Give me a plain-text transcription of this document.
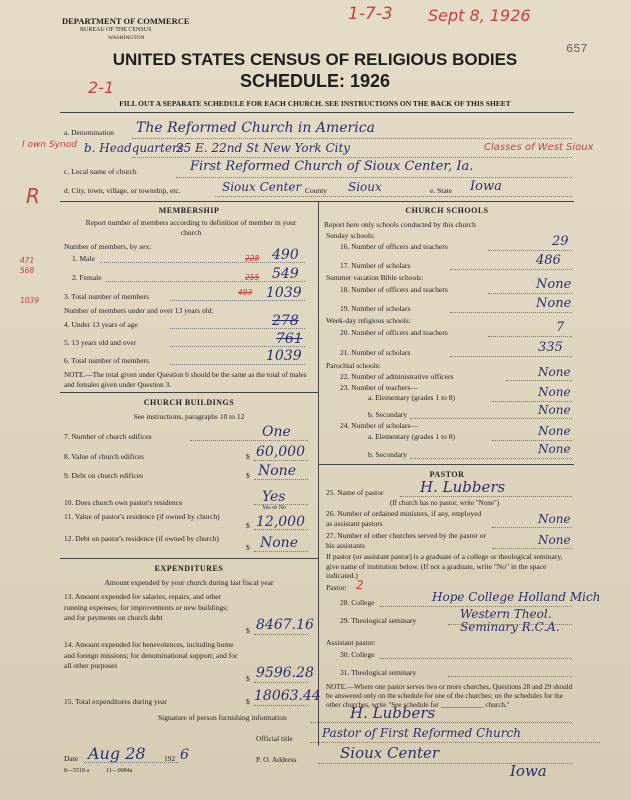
DEPARTMENT OF COMMERCE
BUREAU OF THE CENSUS
WASHINGTON
1-7-3 Sept 8, 1926
657
UNITED STATES CENSUS OF RELIGIOUS BODIES
SCHEDULE: 1926
2-1
FILL OUT A SEPARATE SCHEDULE FOR EACH CHURCH. SEE INSTRUCTIONS ON THE BACK OF THIS SHEET
a. Denomination The Reformed Church in America
I own Synod b. Headquarters
25 E. 22nd St New York City	Classes of West Sioux
c. Local name of church	First Reformed Church of Sioux Center, Ia.
R	d. City, town, village, or township, etc.	Sioux Center County Sioux	e. State Iowa
MEMBERSHIP
Report number of members according to definition of member in your church
Number of members, by sex:
471
568
1039
1. Male	228 490
2. Female	255 549
3. Total number of members	483 1039
Number of members under and over 13 years old:
4. Under 13 years of age	278
5. 13 years old and over	761
6. Total number of members	1039
NOTE.—The total given under Question 6 should be the same as the total of males and females given under Question 3.
CHURCH BUILDINGS
See instructions, paragraphs 10 to 12
7. Number of church edifices	One
8. Value of church edifices	$ 60,000
9. Debt on church edifices	$ None
10. Does church own pastor's residence	Yes
Yes or No
11. Value of pastor's residence (if owned by church)
$ 12,000
12. Debt on pastor's residence (if owned by church)
$ None
EXPENDITURES
Amount expended by your church during last fiscal year
13. Amount expended for salaries, repairs, and other running expenses; for improvements or new buildings; and for payments on church debt
$ 8467.16
14. Amount expended for benevolences, including home and foreign missions; for denominational support; and for all other purposes
$ 9596.28
15. Total expenditures during year	$ 18063.44
CHURCH SCHOOLS
Report here only schools conducted by this church
Sunday schools:
16. Number of officers and teachers	29
17. Number of scholars	486
Summer vacation Bible schools:
18. Number of officers and teachers	None
19. Number of scholars	None
Week-day religious schools:
20. Number of officers and teachers	7
21. Number of scholars	335
Parochial schools:
22. Number of administrative officers	None
23. Number of teachers—
a. Elementary (grades 1 to 8)	None
b. Secondary	None
24. Number of scholars—
a. Elementary (grades 1 to 8)	None
b. Secondary	None
PASTOR
25. Name of pastor H. Lubbers
(If church has no pastor, write "None")
26. Number of ordained ministers, if any, employed as assistant pastors	None
27. Number of other churches served by the pastor or his assistants	None
If pastor (or assistant pastor) is a graduate of a college or theological seminary, give name of institution below. (If not a graduate, write "No" in the space indicated.)
Pastor: 2
28. College	Hope College Holland Mich
29. Theological seminary	Western Theol. Seminary R.C.A.
Assistant pastor:
30. College
31. Theological seminary
NOTE.—Where one pastor serves two or more churches, Questions 28 and 29 should be answered only on the schedule for one of the churches; on the schedules for the other churches, write "See schedule for ____________ church."
Signature of person furnishing information	H. Lubbers
Official title Pastor of First Reformed Church
Date Aug 28 192 6	P. O. Address	Sioux Center
Iowa
8—5518 a	11—9084a
